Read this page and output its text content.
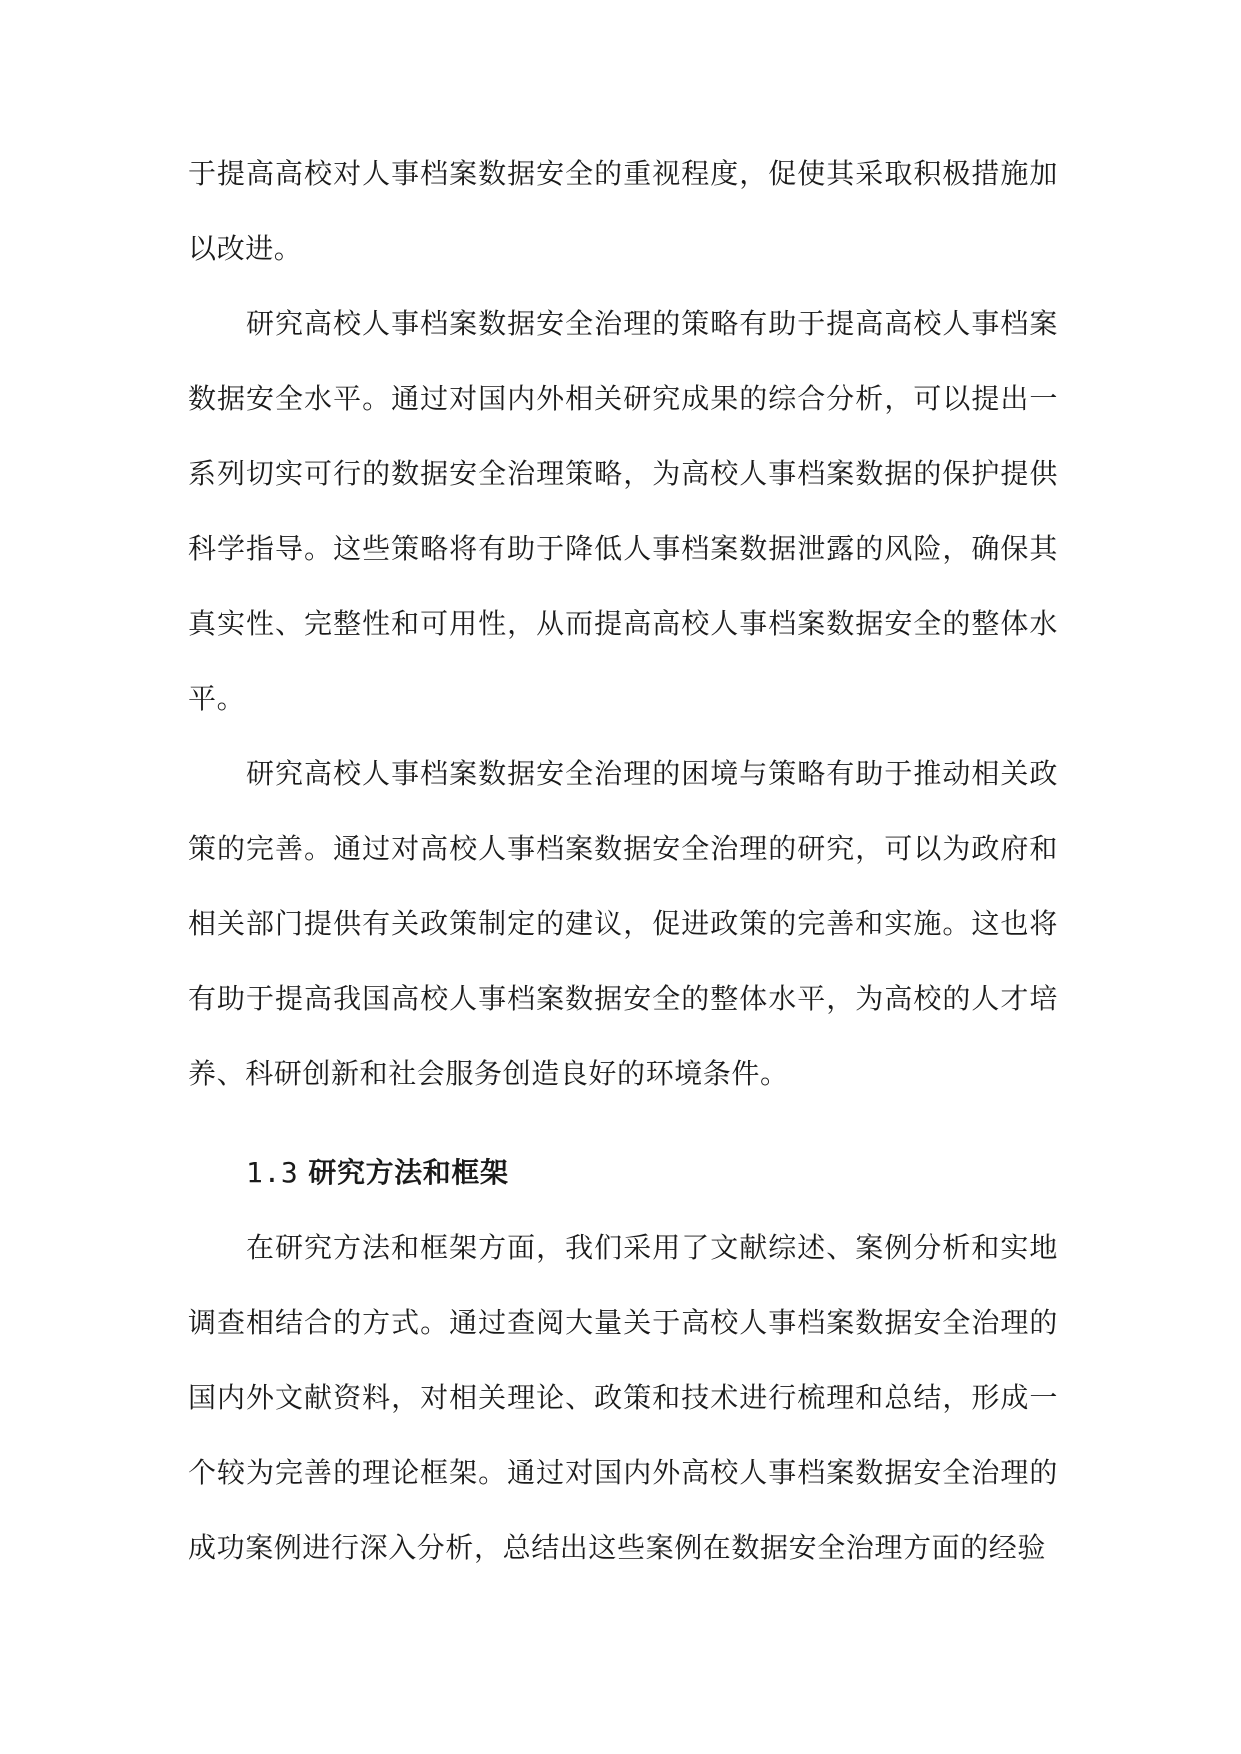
于提高高校对人事档案数据安全的重视程度，促使其采取积极措施加以改进。

研究高校人事档案数据安全治理的策略有助于提高高校人事档案数据安全水平。通过对国内外相关研究成果的综合分析，可以提出一系列切实可行的数据安全治理策略，为高校人事档案数据的保护提供科学指导。这些策略将有助于降低人事档案数据泄露的风险，确保其真实性、完整性和可用性，从而提高高校人事档案数据安全的整体水平。

研究高校人事档案数据安全治理的困境与策略有助于推动相关政策的完善。通过对高校人事档案数据安全治理的研究，可以为政府和相关部门提供有关政策制定的建议，促进政策的完善和实施。这也将有助于提高我国高校人事档案数据安全的整体水平，为高校的人才培养、科研创新和社会服务创造良好的环境条件。

1.3 研究方法和框架

在研究方法和框架方面，我们采用了文献综述、案例分析和实地调查相结合的方式。通过查阅大量关于高校人事档案数据安全治理的国内外文献资料，对相关理论、政策和技术进行梳理和总结，形成一个较为完善的理论框架。通过对国内外高校人事档案数据安全治理的成功案例进行深入分析，总结出这些案例在数据安全治理方面的经验
